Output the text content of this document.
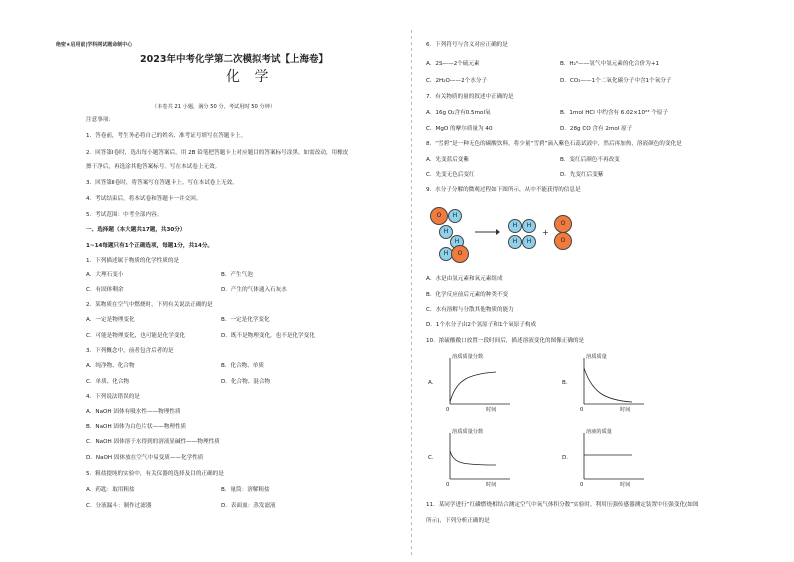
绝密★启用前|学科网试题命制中心
2023年中考化学第二次模拟考试【上海卷】
化 学
（本卷共 21 小题，满分 50 分，考试用时 50 分钟）
注意事项：
1．答卷前，考生务必将自己的姓名、准考证号填写在答题卡上。
2．回答第Ⅰ卷时，选出每小题答案后，用 2B 铅笔把答题卡上对应题目的答案标号涂黑。如需改动，用橡皮
擦干净后，再选涂其他答案标号。写在本试卷上无效。
3．回答第Ⅱ卷时，将答案写在答题卡上。写在本试卷上无效。
4．考试结束后，将本试卷和答题卡一并交回。
5．考试范围：中考全部内容。
一、选择题（本大题共17题，共30分）
1~14每题只有1个正确选项，每题1分，共14分。
1．下列描述属于物质的化学性质的是
A．大理石变小	B．产生气泡
C．有固体剩余	D．产生的气体通入石灰水
2．某物质在空气中燃烧时，下列有关说法正确的是
A．一定是物理变化	B．一定是化学变化
C．可能是物理变化，也可能是化学变化	D．既不是物理变化，也不是化学变化
3．下列概念中，前者包含后者的是
A．纯净物、化合物	B．化合物、单质
C．单质、化合物	D．化合物、混合物
4．下列说法错误的是
A．NaOH 固体有吸水性——物理性质
B．NaOH 固体为白色片状——物理性质
C．NaOH 固体溶于水得到的溶液显碱性——物理性质
D．NaOH 固体放在空气中易变质——化学性质
5．粗盐提纯的实验中，有关仪器的选择及目的正确的是
A．药匙：取用粗盐	B．量筒：溶解粗盐
C．分液漏斗：制作过滤器	D．表面皿：蒸发滤液
6．下列符号与含义对应正确的是
A．2S——2个硫元素	B．H₂⁰——氢气中氢元素的化合价为+1
C．2H₂O——2个水分子	D．CO₂——1个二氧化碳分子中含1个氧分子
7．有关物质的量的叙述中正确的是
A．16g O₂含有0.5mol氧	B．1mol HCl 中约含有 6.02×10²³ 个原子
C．MgO 的摩尔质量为 40	D．28g CO 含有 2mol 原子
8．“雪碧”是一种无色的碳酸饮料，将少量“雪碧”滴入紫色石蕊试液中，然后再加热，溶液颜色的变化是
A．先变蓝后变紫	B．变红后颜色不再改变
C．先变无色后变红	D．先变红后变紫
9．水分子分解的微观过程如下图所示，从中不能获得的信息是
O	H
H
H
H	O
H	H
H	H
+
O
O
A．水是由氢元素和氧元素组成
B．化学反应前后元素的种类不变
C．水有溶解与分散其他物质的能力
D．1个水分子由2个氢原子和1个氧原子构成
10．浓硫酸敞口放置一段时间后，描述溶液变化的图像正确的是
A．
溶质质量分数
0	时间
B．
溶质质量
0	时间
C．
溶质质量分数
0	时间
D．
溶液的质量
0	时间
11．某同学进行“红磷燃烧相结合测定空气中氧气体积分数”实验时，利用压强传感器测定装置中压强变化(如图
所示)，下列分析正确的是
